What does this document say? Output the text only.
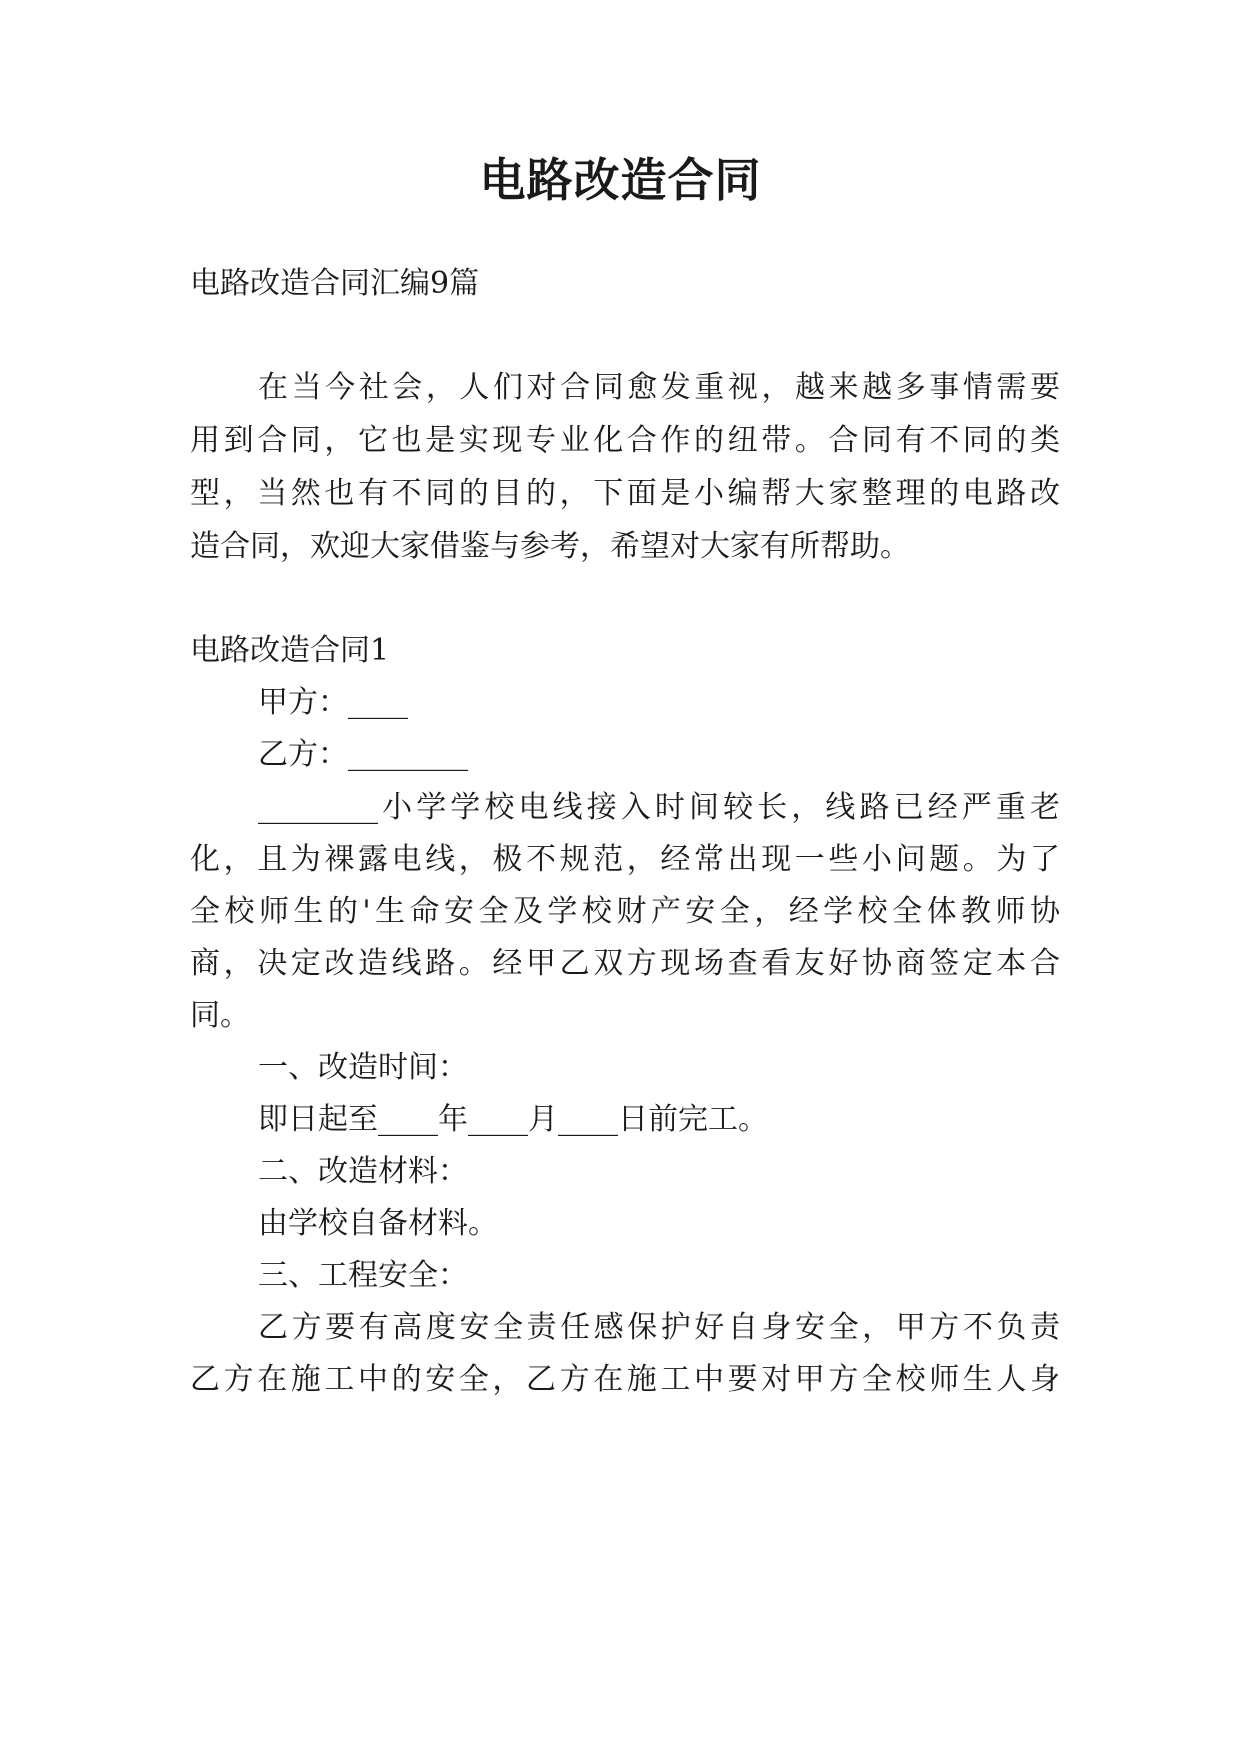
电路改造合同
电路改造合同汇编9篇
在当今社会，人们对合同愈发重视，越来越多事情需要
用到合同，它也是实现专业化合作的纽带。合同有不同的类
型，当然也有不同的目的，下面是小编帮大家整理的电路改
造合同，欢迎大家借鉴与参考，希望对大家有所帮助。
电路改造合同1
甲方：____
乙方：________
________小学学校电线接入时间较长，线路已经严重老
化，且为裸露电线，极不规范，经常出现一些小问题。为了
全校师生的'生命安全及学校财产安全，经学校全体教师协
商，决定改造线路。经甲乙双方现场查看友好协商签定本合
同。
一、改造时间：
即日起至____年____月____日前完工。
二、改造材料：
由学校自备材料。
三、工程安全：
乙方要有高度安全责任感保护好自身安全，甲方不负责
乙方在施工中的安全，乙方在施工中要对甲方全校师生人身
